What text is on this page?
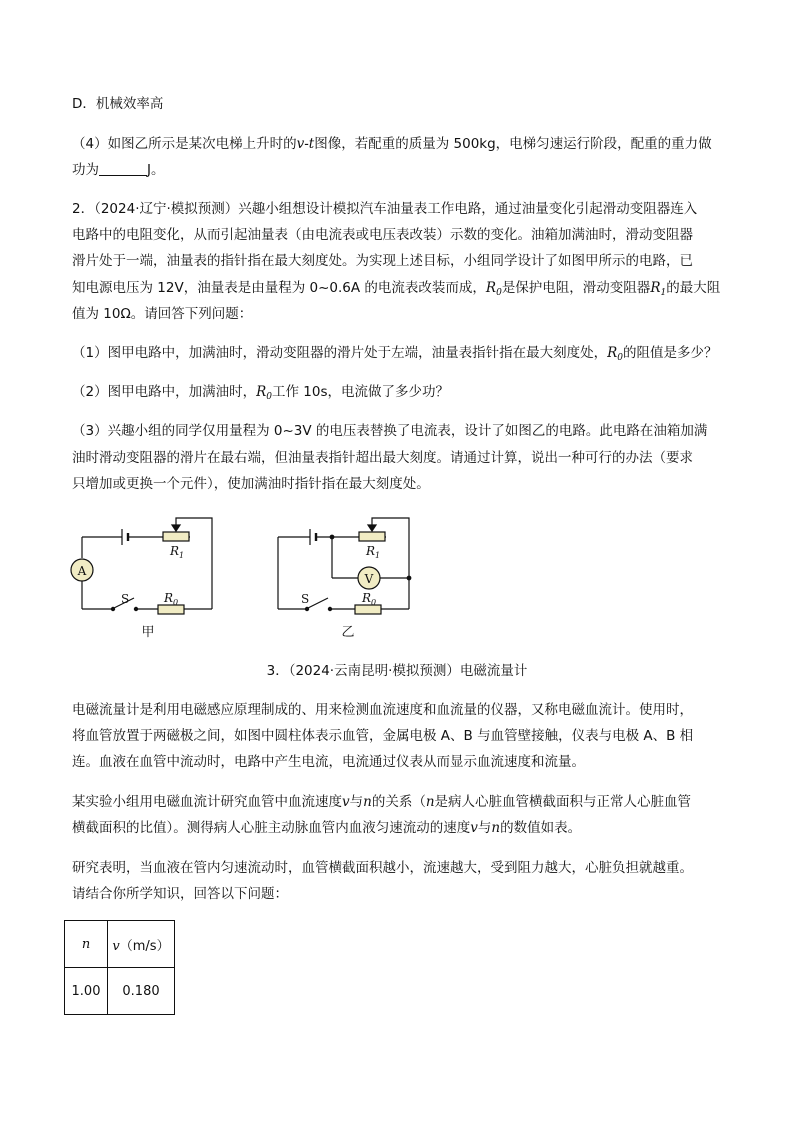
D．机械效率高

（4）如图乙所示是某次电梯上升时的v-t图像，若配重的质量为 500kg，电梯匀速运行阶段，配重的重力做

功为	J。

2．（2024·辽宁·模拟预测）兴趣小组想设计模拟汽车油量表工作电路，通过油量变化引起滑动变阻器连入

电路中的电阻变化，从而引起油量表（由电流表或电压表改装）示数的变化。油箱加满油时，滑动变阻器

滑片处于一端，油量表的指针指在最大刻度处。为实现上述目标，小组同学设计了如图甲所示的电路，已

知电源电压为 12V，油量表是由量程为 0~0.6A 的电流表改装而成，$R_0$是保护电阻，滑动变阻器$R_1$的最大阻

值为 10Ω。请回答下列问题：

（1）图甲电路中，加满油时，滑动变阻器的滑片处于左端，油量表指针指在最大刻度处，$R_0$的阻值是多少？

（2）图甲电路中，加满油时，$R_0$工作 10s，电流做了多少功？

（3）兴趣小组的同学仅用量程为 0~3V 的电压表替换了电流表，设计了如图乙的电路。此电路在油箱加满

油时滑动变阻器的滑片在最右端，但油量表指针超出最大刻度。请通过计算，说出一种可行的办法（要求

只增加或更换一个元件），使加满油时指针指在最大刻度处。

A
$R_1$
S	$R_0$
甲
V
$R_1$
S	$R_0$
乙
3．（2024·云南昆明·模拟预测）电磁流量计

电磁流量计是利用电磁感应原理制成的、用来检测血流速度和血流量的仪器，又称电磁血流计。使用时，

将血管放置于两磁极之间，如图中圆柱体表示血管，金属电极 A、B 与血管壁接触，仪表与电极 A、B 相

连。血液在血管中流动时，电路中产生电流，电流通过仪表从而显示血流速度和流量。

某实验小组用电磁血流计研究血管中血流速度v与n的关系（n是病人心脏血管横截面积与正常人心脏血管

横截面积的比值）。测得病人心脏主动脉血管内血液匀速流动的速度v与n的数值如表。

研究表明，当血液在管内匀速流动时，血管横截面积越小，流速越大，受到阻力越大，心脏负担就越重。

请结合你所学知识，回答以下问题：

n	v（m/s）
1.00	0.180
